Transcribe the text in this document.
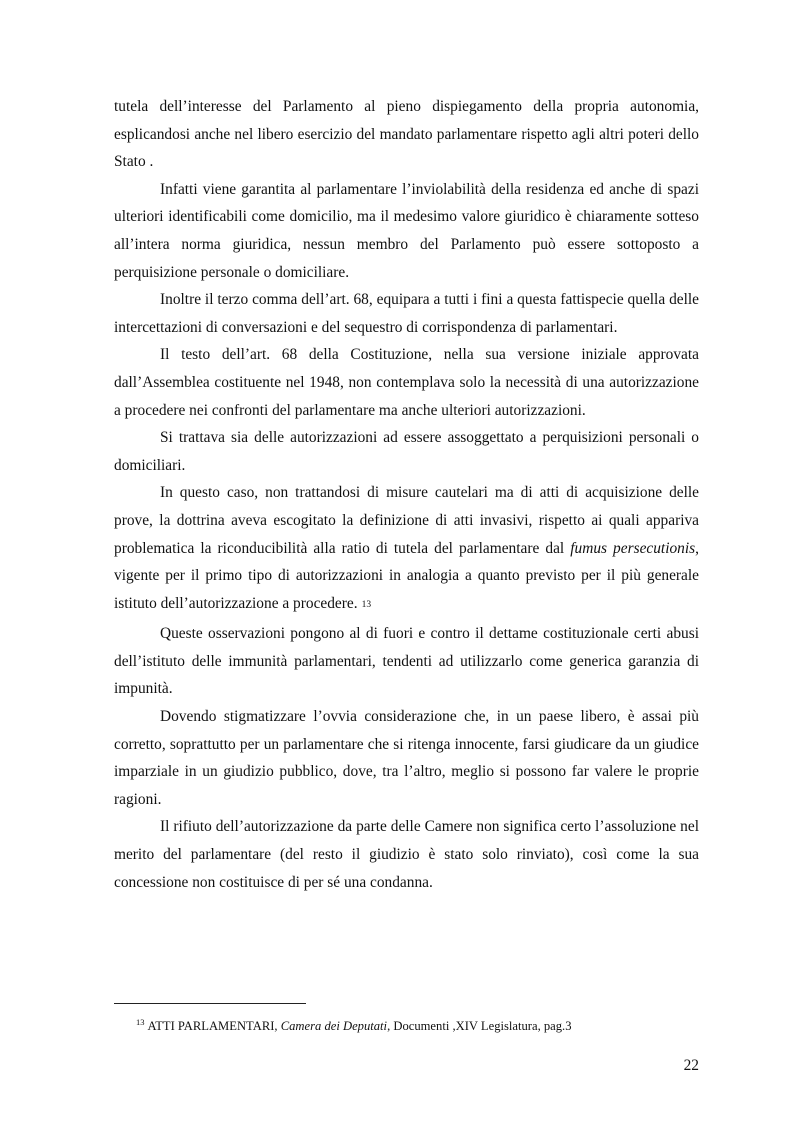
tutela dell’interesse del Parlamento al pieno dispiegamento della propria autonomia, esplicandosi anche nel libero esercizio del mandato parlamentare rispetto agli altri poteri dello Stato .

Infatti viene garantita al parlamentare l’inviolabilità della residenza ed anche di spazi ulteriori identificabili come domicilio, ma il medesimo valore giuridico è chiaramente sotteso all’intera norma giuridica, nessun membro del Parlamento può essere sottoposto a perquisizione personale o domiciliare.

Inoltre il terzo comma dell’art. 68, equipara a tutti i fini a questa fattispecie quella delle intercettazioni di conversazioni e del sequestro di corrispondenza di parlamentari.

Il testo dell’art. 68 della Costituzione, nella sua versione iniziale approvata dall’Assemblea costituente nel 1948, non contemplava solo la necessità di una autorizzazione a procedere nei confronti del parlamentare ma anche ulteriori autorizzazioni.

Si trattava sia delle autorizzazioni ad essere assoggettato a perquisizioni personali o domiciliari.

In questo caso, non trattandosi di misure cautelari ma di atti di acquisizione delle prove, la dottrina aveva escogitato la definizione di atti invasivi, rispetto ai quali appariva problematica la riconducibilità alla ratio di tutela del parlamentare dal fumus persecutionis, vigente per il primo tipo di autorizzazioni in analogia a quanto previsto per il più generale istituto dell’autorizzazione a procedere. 13

Queste osservazioni pongono al di fuori e contro il dettame costituzionale certi abusi dell’istituto delle immunità parlamentari, tendenti ad utilizzarlo come generica garanzia di impunità.

Dovendo stigmatizzare l’ovvia considerazione che, in un paese libero, è assai più corretto, soprattutto per un parlamentare che si ritenga innocente, farsi giudicare da un giudice imparziale in un giudizio pubblico, dove, tra l’altro, meglio si possono far valere le proprie ragioni.

Il rifiuto dell’autorizzazione da parte delle Camere non significa certo l’assoluzione nel merito del parlamentare (del resto il giudizio è stato solo rinviato), così come la sua concessione non costituisce di per sé una condanna.

$^{13}$ ATTI PARLAMENTARI, Camera dei Deputati, Documenti ,XIV Legislatura, pag.3
22
